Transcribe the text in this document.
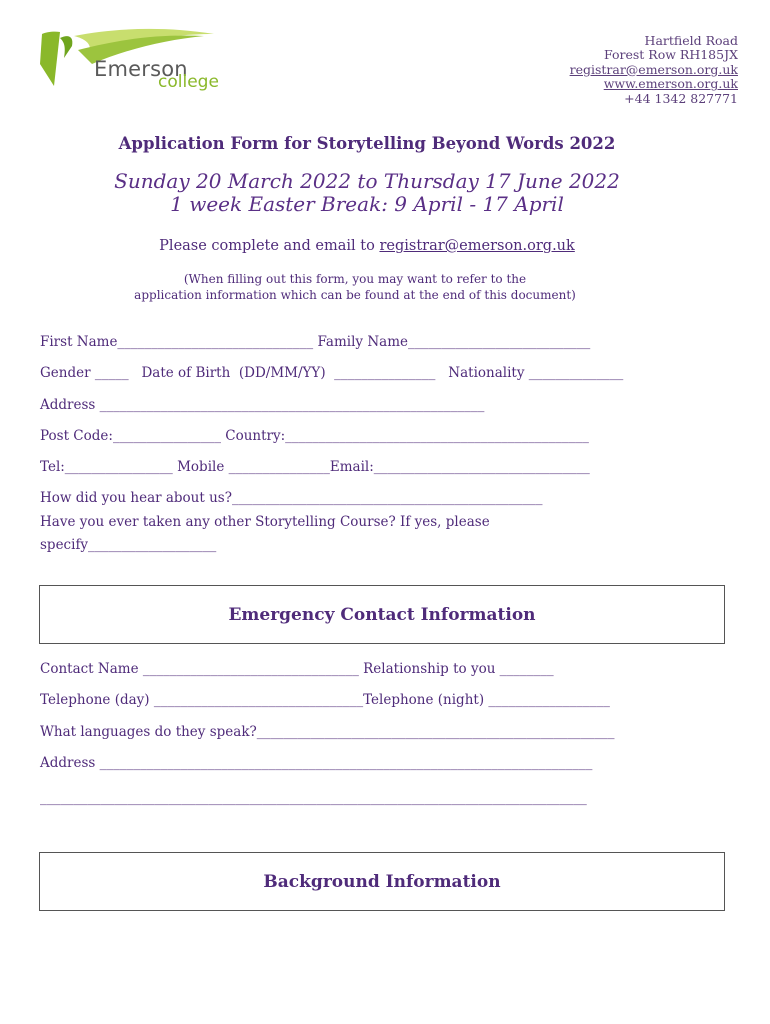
Emerson
college
Hartfield Road
Forest Row RH185JX
registrar@emerson.org.uk
www.emerson.org.uk
+44 1342 827771
Application Form for Storytelling Beyond Words 2022
Sunday 20 March 2022 to Thursday 17 June 2022
1 week Easter Break: 9 April - 17 April
Please complete and email to registrar@emerson.org.uk
(When filling out this form, you may want to refer to the
application information which can be found at the end of this document)
First Name_____________________________ Family Name___________________________
Gender _____   Date of Birth  (DD/MM/YY)  _______________   Nationality ______________
Address _________________________________________________________
Post Code:________________ Country:_____________________________________________
Tel:________________ Mobile _______________Email:________________________________
How did you hear about us?______________________________________________
Have you ever taken any other Storytelling Course? If yes, please
specify___________________
Emergency Contact Information
Contact Name ________________________________ Relationship to you ________
Telephone (day) _______________________________Telephone (night) __________________
What languages do they speak?_____________________________________________________
Address _________________________________________________________________________
_________________________________________________________________________________
Background Information
